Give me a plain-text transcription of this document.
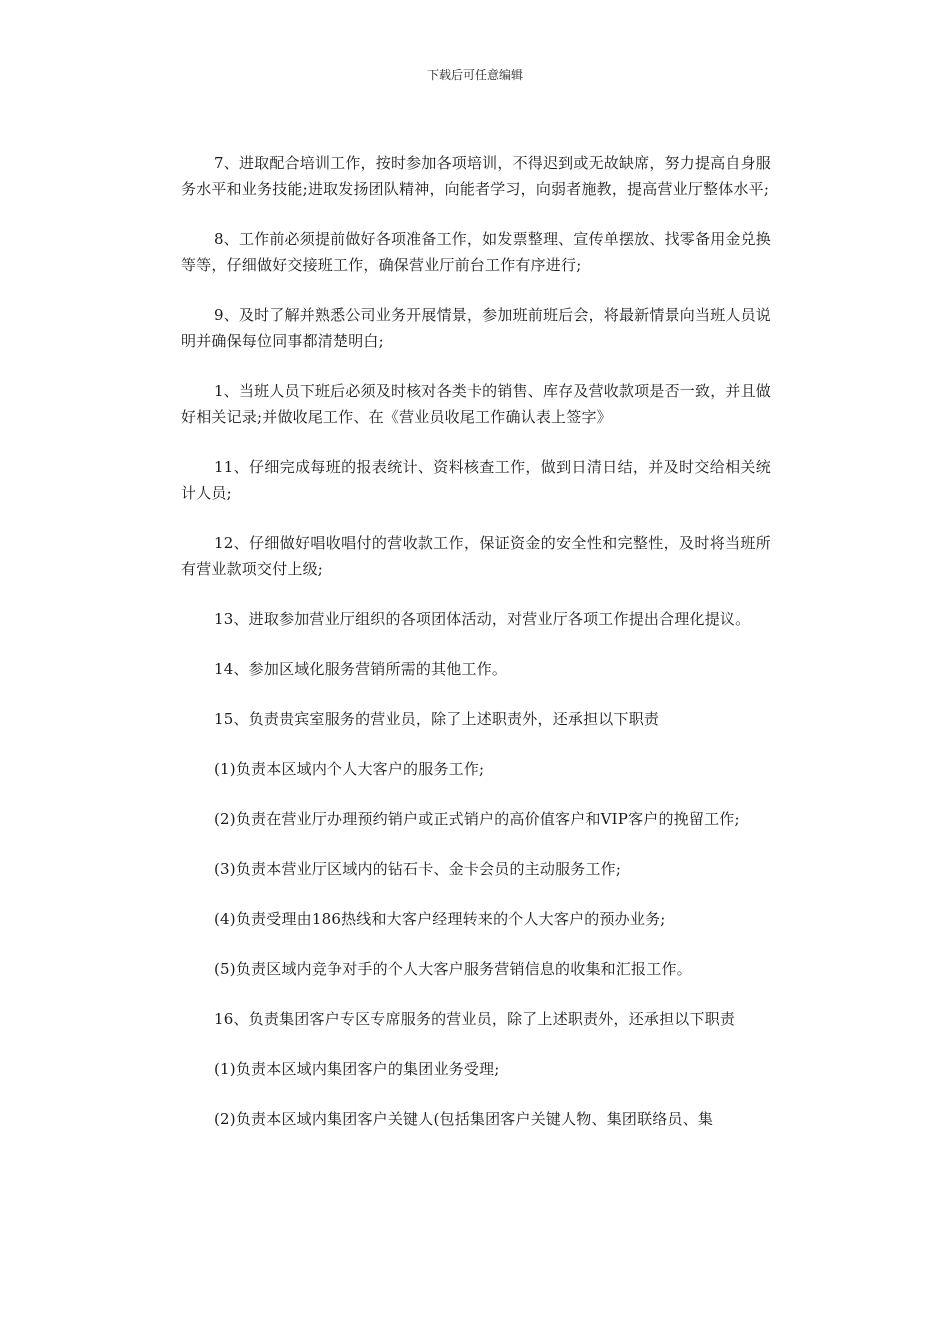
下载后可任意编辑

7、进取配合培训工作，按时参加各项培训，不得迟到或无故缺席，努力提高自身服务水平和业务技能;进取发扬团队精神，向能者学习，向弱者施教，提高营业厅整体水平;

8、工作前必须提前做好各项准备工作，如发票整理、宣传单摆放、找零备用金兑换等等，仔细做好交接班工作，确保营业厅前台工作有序进行;

9、及时了解并熟悉公司业务开展情景，参加班前班后会，将最新情景向当班人员说明并确保每位同事都清楚明白;

1、当班人员下班后必须及时核对各类卡的销售、库存及营收款项是否一致，并且做好相关记录;并做收尾工作、在《营业员收尾工作确认表上签字》

11、仔细完成每班的报表统计、资料核查工作，做到日清日结，并及时交给相关统计人员;

12、仔细做好唱收唱付的营收款工作，保证资金的安全性和完整性，及时将当班所有营业款项交付上级;

13、进取参加营业厅组织的各项团体活动，对营业厅各项工作提出合理化提议。

14、参加区域化服务营销所需的其他工作。

15、负责贵宾室服务的营业员，除了上述职责外，还承担以下职责

(1)负责本区域内个人大客户的服务工作;

(2)负责在营业厅办理预约销户或正式销户的高价值客户和VIP客户的挽留工作;

(3)负责本营业厅区域内的钻石卡、金卡会员的主动服务工作;

(4)负责受理由186热线和大客户经理转来的个人大客户的预办业务;

(5)负责区域内竞争对手的个人大客户服务营销信息的收集和汇报工作。

16、负责集团客户专区专席服务的营业员，除了上述职责外，还承担以下职责

(1)负责本区域内集团客户的集团业务受理;

(2)负责本区域内集团客户关键人(包括集团客户关键人物、集团联络员、集
